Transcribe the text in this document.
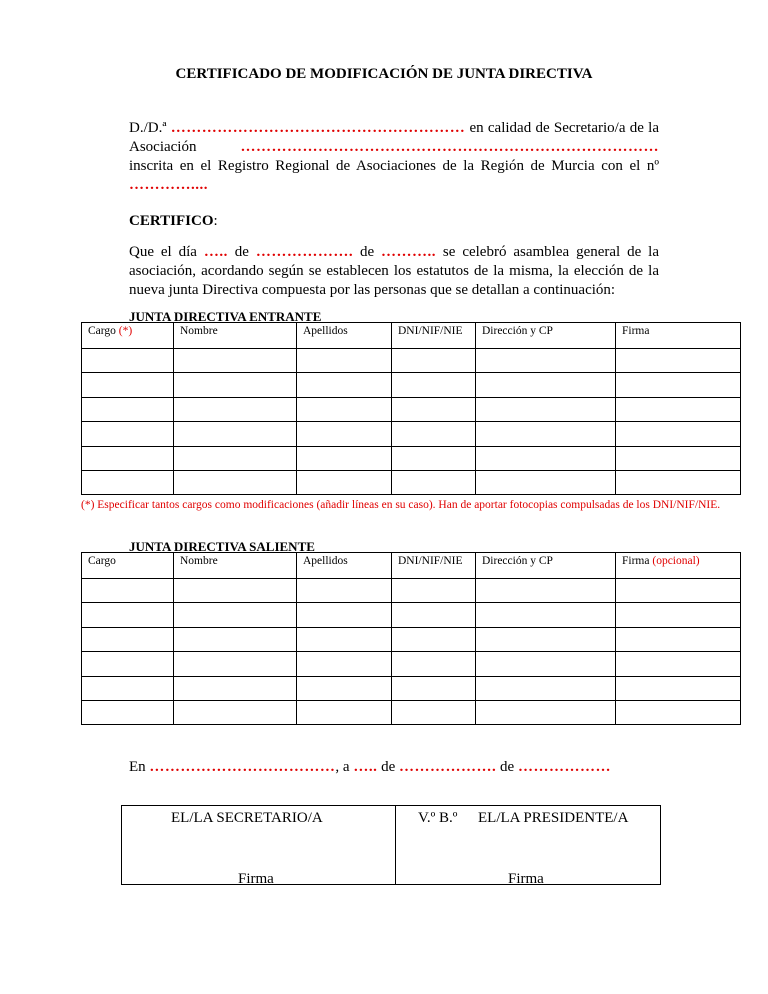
CERTIFICADO DE MODIFICACIÓN DE JUNTA DIRECTIVA
D./D.ª ………………………………………………… en calidad de Secretario/a de la Asociación ……………………………………………………………………… inscrita en el Registro Regional de Asociaciones de la Región de Murcia con el nº …………....
CERTIFICO:
Que el día ….. de ………………. de ……….. se celebró asamblea general de la asociación, acordando según se establecen los estatutos de la misma, la elección de la nueva junta Directiva compuesta por las personas que se detallan a continuación:
JUNTA DIRECTIVA ENTRANTE
Cargo (*)	Nombre	Apellidos	DNI/NIF/NIE	Dirección y CP	Firma

(*) Especificar tantos cargos como modificaciones (añadir líneas en su caso). Han de aportar fotocopias compulsadas de los DNI/NIF/NIE.
JUNTA DIRECTIVA SALIENTE
Cargo	Nombre	Apellidos	DNI/NIF/NIE	Dirección y CP	Firma (opcional)

En ………………………………, a ….. de ………………. de ………………
EL/LA SECRETARIO/A	V.º B.º EL/LA PRESIDENTE/A
Firma	Firma
